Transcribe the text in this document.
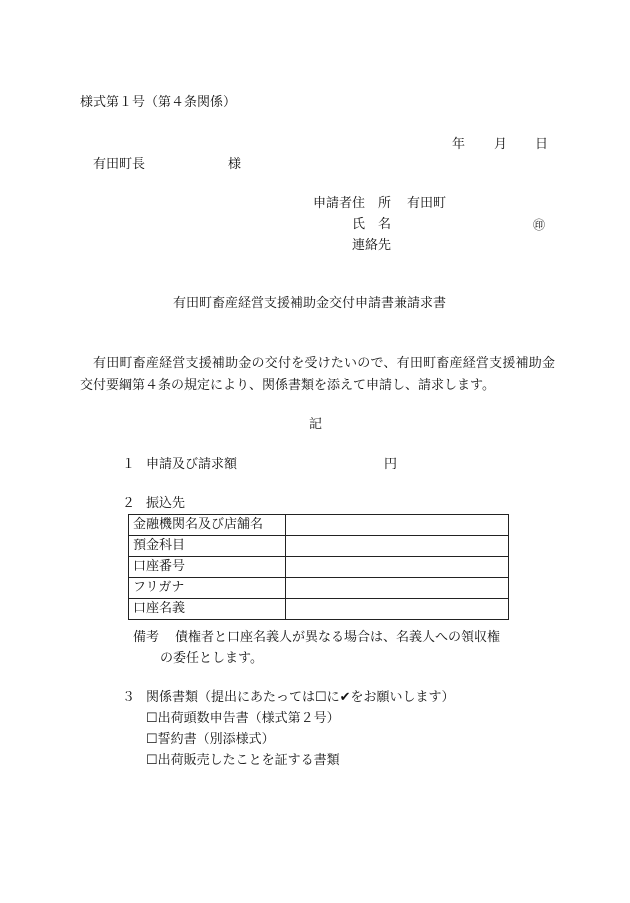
様式第１号（第４条関係）
年 月 日
有田町長	様
申請者 住　所 有田町
氏　名	㊞
連絡先
有田町畜産経営支援補助金交付申請書兼請求書
有田町畜産経営支援補助金の交付を受けたいので、有田町畜産経営支援補助金交付要綱第４条の規定により、関係書類を添えて申請し、請求します。
記
１ 申請及び請求額	円
２ 振込先
金融機関名及び店舗名	
預金科目	
口座番号	
フリガナ	
口座名義	
備考 債権者と口座名義人が異なる場合は、名義人への領収権
の委任とします。
３ 関係書類（提出にあたっては☐に✔をお願いします）
☐出荷頭数申告書（様式第２号）
☐誓約書（別添様式）
☐出荷販売したことを証する書類
